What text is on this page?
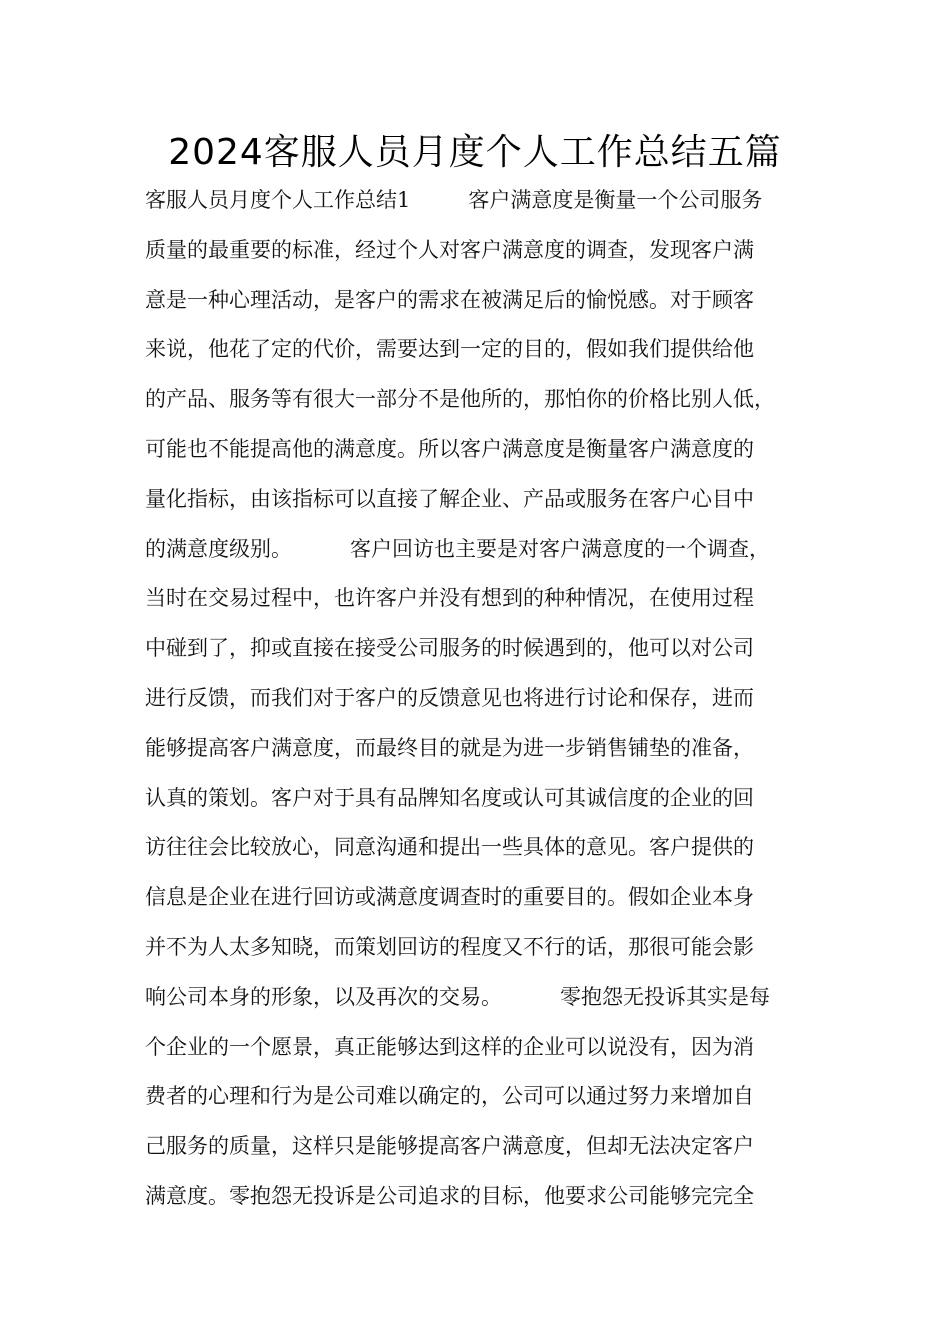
2024客服人员月度个人工作总结五篇
客服人员月度个人工作总结1	客户满意度是衡量一个公司服务
质量的最重要的标准，经过个人对客户满意度的调查，发现客户满
意是一种心理活动，是客户的需求在被满足后的愉悦感。对于顾客
来说，他花了定的代价，需要达到一定的目的，假如我们提供给他
的产品、服务等有很大一部分不是他所的，那怕你的价格比别人低，
可能也不能提高他的满意度。所以客户满意度是衡量客户满意度的
量化指标，由该指标可以直接了解企业、产品或服务在客户心目中
的满意度级别。	客户回访也主要是对客户满意度的一个调查，
当时在交易过程中，也许客户并没有想到的种种情况，在使用过程
中碰到了，抑或直接在接受公司服务的时候遇到的，他可以对公司
进行反馈，而我们对于客户的反馈意见也将进行讨论和保存，进而
能够提高客户满意度，而最终目的就是为进一步销售铺垫的准备，
认真的策划。客户对于具有品牌知名度或认可其诚信度的企业的回
访往往会比较放心，同意沟通和提出一些具体的意见。客户提供的
信息是企业在进行回访或满意度调查时的重要目的。假如企业本身
并不为人太多知晓，而策划回访的程度又不行的话，那很可能会影
响公司本身的形象，以及再次的交易。	零抱怨无投诉其实是每
个企业的一个愿景，真正能够达到这样的企业可以说没有，因为消
费者的心理和行为是公司难以确定的，公司可以通过努力来增加自
己服务的质量，这样只是能够提高客户满意度，但却无法决定客户
满意度。零抱怨无投诉是公司追求的目标，他要求公司能够完完全
